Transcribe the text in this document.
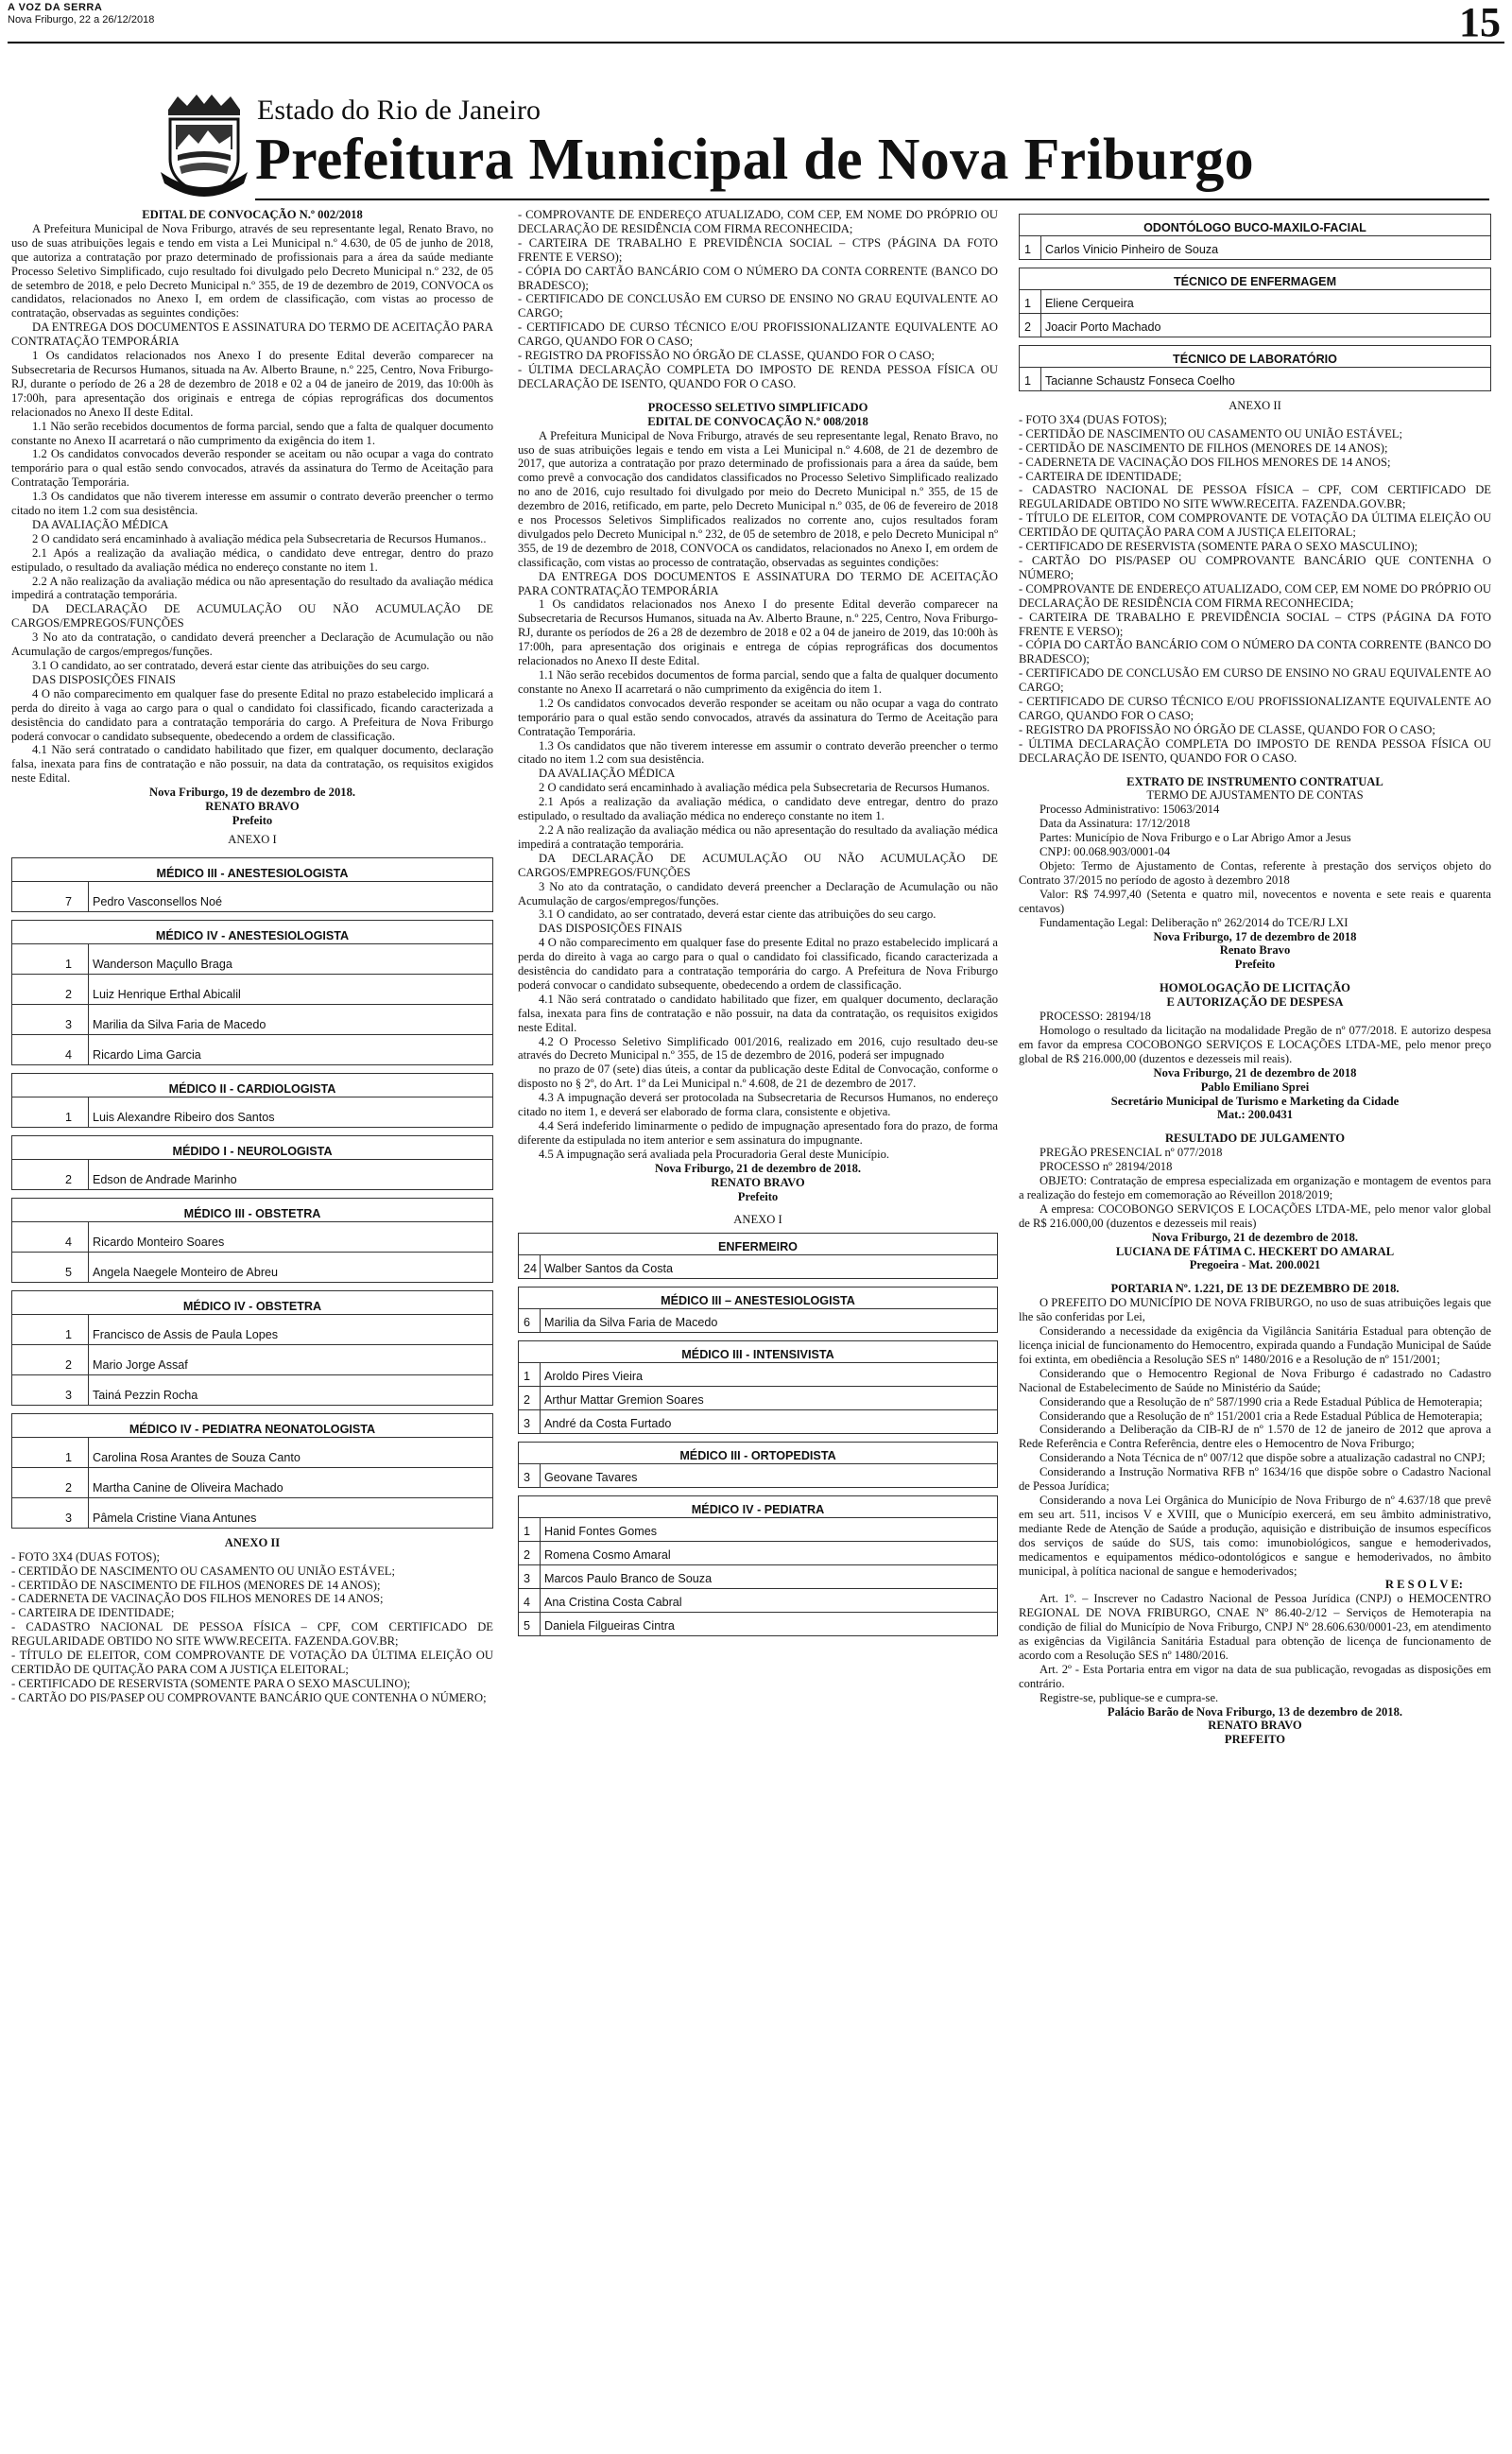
A VOZ DA SERRA
Nova Friburgo, 22 a 26/12/2018	15
Estado do Rio de Janeiro
Prefeitura Municipal de Nova Friburgo
EDITAL DE CONVOCAÇÃO N.º 002/2018

A Prefeitura Municipal de Nova Friburgo, através de seu representante legal, Renato Bravo, no uso de suas atribuições legais e tendo em vista a Lei Municipal n.º 4.630, de 05 de junho de 2018, que autoriza a contratação por prazo determinado de profissionais para a área da saúde mediante Processo Seletivo Simplificado, cujo resultado foi divulgado pelo Decreto Municipal n.º 232, de 05 de setembro de 2018, e pelo Decreto Municipal n.º 355, de 19 de dezembro de 2019, CONVOCA os candidatos, relacionados no Anexo I, em ordem de classificação, com vistas ao processo de contratação, observadas as seguintes condições:

DA ENTREGA DOS DOCUMENTOS E ASSINATURA DO TERMO DE ACEITAÇÃO PARA CONTRATAÇÃO TEMPORÁRIA

1 Os candidatos relacionados nos Anexo I do presente Edital deverão comparecer na Subsecretaria de Recursos Humanos, situada na Av. Alberto Braune, n.º 225, Centro, Nova Friburgo-RJ, durante o período de 26 a 28 de dezembro de 2018 e 02 a 04 de janeiro de 2019, das 10:00h às 17:00h, para apresentação dos originais e entrega de cópias reprográficas dos documentos relacionados no Anexo II deste Edital.

1.1 Não serão recebidos documentos de forma parcial, sendo que a falta de qualquer documento constante no Anexo II acarretará o não cumprimento da exigência do item 1.

1.2 Os candidatos convocados deverão responder se aceitam ou não ocupar a vaga do contrato temporário para o qual estão sendo convocados, através da assinatura do Termo de Aceitação para Contratação Temporária.

1.3 Os candidatos que não tiverem interesse em assumir o contrato deverão preencher o termo citado no item 1.2 com sua desistência.

DA AVALIAÇÃO MÉDICA

2 O candidato será encaminhado à avaliação médica pela Subsecretaria de Recursos Humanos..

2.1 Após a realização da avaliação médica, o candidato deve entregar, dentro do prazo estipulado, o resultado da avaliação médica no endereço constante no item 1.

2.2 A não realização da avaliação médica ou não apresentação do resultado da avaliação médica impedirá a contratação temporária.

DA DECLARAÇÃO DE ACUMULAÇÃO OU NÃO ACUMULAÇÃO DE CARGOS/EMPREGOS/FUNÇÕES

3 No ato da contratação, o candidato deverá preencher a Declaração de Acumulação ou não Acumulação de cargos/empregos/funções.

3.1 O candidato, ao ser contratado, deverá estar ciente das atribuições do seu cargo.

DAS DISPOSIÇÕES FINAIS

4 O não comparecimento em qualquer fase do presente Edital no prazo estabelecido implicará a perda do direito à vaga ao cargo para o qual o candidato foi classificado, ficando caracterizada a desistência do candidato para a contratação temporária do cargo. A Prefeitura de Nova Friburgo poderá convocar o candidato subsequente, obedecendo a ordem de classificação.

4.1 Não será contratado o candidato habilitado que fizer, em qualquer documento, declaração falsa, inexata para fins de contratação e não possuir, na data da contratação, os requisitos exigidos neste Edital.

Nova Friburgo, 19 de dezembro de 2018.
RENATO BRAVO
Prefeito
ANEXO I
MÉDICO III - ANESTESIOLOGISTA
7	Pedro Vasconsellos Noé
MÉDICO IV - ANESTESIOLOGISTA
1	Wanderson Maçullo Braga
2	Luiz Henrique Erthal Abicalil
3	Marilia da Silva Faria de Macedo
4	Ricardo Lima Garcia
MÉDICO II - CARDIOLOGISTA
1	Luis Alexandre Ribeiro dos Santos
MÉDIDO I - NEUROLOGISTA
2	Edson de Andrade Marinho
MÉDICO III - OBSTETRA
4	Ricardo Monteiro Soares
5	Angela Naegele Monteiro de Abreu
MÉDICO IV - OBSTETRA
1	Francisco de Assis de Paula Lopes
2	Mario Jorge Assaf
3	Tainá Pezzin Rocha
MÉDICO IV - PEDIATRA NEONATOLOGISTA
1	Carolina Rosa Arantes de Souza Canto
2	Martha Canine de Oliveira Machado
3	Pâmela Cristine Viana Antunes
ANEXO II

- FOTO 3X4 (DUAS FOTOS);

- CERTIDÃO DE NASCIMENTO OU CASAMENTO OU UNIÃO ESTÁVEL;

- CERTIDÃO DE NASCIMENTO DE FILHOS (MENORES DE 14 ANOS);

- CADERNETA DE VACINAÇÃO DOS FILHOS MENORES DE 14 ANOS;

- CARTEIRA DE IDENTIDADE;

- CADASTRO NACIONAL DE PESSOA FÍSICA – CPF, COM CERTIFICADO DE REGULARIDADE OBTIDO NO SITE WWW.RECEITA. FAZENDA.GOV.BR;

- TÍTULO DE ELEITOR, COM COMPROVANTE DE VOTAÇÃO DA ÚLTIMA ELEIÇÃO OU CERTIDÃO DE QUITAÇÃO PARA COM A JUSTIÇA ELEITORAL;

- CERTIFICADO DE RESERVISTA (SOMENTE PARA O SEXO MASCULINO);

- CARTÃO DO PIS/PASEP OU COMPROVANTE BANCÁRIO QUE CONTENHA O NÚMERO;

- COMPROVANTE DE ENDEREÇO ATUALIZADO, COM CEP, EM NOME DO PRÓPRIO OU DECLARAÇÃO DE RESIDÊNCIA COM FIRMA RECONHECIDA;

- CARTEIRA DE TRABALHO E PREVIDÊNCIA SOCIAL – CTPS (PÁGINA DA FOTO FRENTE E VERSO);

- CÓPIA DO CARTÃO BANCÁRIO COM O NÚMERO DA CONTA CORRENTE (BANCO DO BRADESCO);

- CERTIFICADO DE CONCLUSÃO EM CURSO DE ENSINO NO GRAU EQUIVALENTE AO CARGO;

- CERTIFICADO DE CURSO TÉCNICO E/OU PROFISSIONALIZANTE EQUIVALENTE AO CARGO, QUANDO FOR O CASO;

- REGISTRO DA PROFISSÃO NO ÓRGÃO DE CLASSE, QUANDO FOR O CASO;

- ÚLTIMA DECLARAÇÃO COMPLETA DO IMPOSTO DE RENDA PESSOA FÍSICA OU DECLARAÇÃO DE ISENTO, QUANDO FOR O CASO.

PROCESSO SELETIVO SIMPLIFICADO
EDITAL DE CONVOCAÇÃO N.º 008/2018

A Prefeitura Municipal de Nova Friburgo, através de seu representante legal, Renato Bravo, no uso de suas atribuições legais e tendo em vista a Lei Municipal n.º 4.608, de 21 de dezembro de 2017, que autoriza a contratação por prazo determinado de profissionais para a área da saúde, bem como prevê a convocação dos candidatos classificados no Processo Seletivo Simplificado realizado no ano de 2016, cujo resultado foi divulgado por meio do Decreto Municipal n.º 355, de 15 de dezembro de 2016, retificado, em parte, pelo Decreto Municipal n.º 035, de 06 de fevereiro de 2018 e nos Processos Seletivos Simplificados realizados no corrente ano, cujos resultados foram divulgados pelo Decreto Municipal n.º 232, de 05 de setembro de 2018, e pelo Decreto Municipal nº 355, de 19 de dezembro de 2018, CONVOCA os candidatos, relacionados no Anexo I, em ordem de classificação, com vistas ao processo de contratação, observadas as seguintes condições:

DA ENTREGA DOS DOCUMENTOS E ASSINATURA DO TERMO DE ACEITAÇÃO PARA CONTRATAÇÃO TEMPORÁRIA

1 Os candidatos relacionados nos Anexo I do presente Edital deverão comparecer na Subsecretaria de Recursos Humanos, situada na Av. Alberto Braune, n.º 225, Centro, Nova Friburgo-RJ, durante os períodos de 26 a 28 de dezembro de 2018 e 02 a 04 de janeiro de 2019, das 10:00h às 17:00h, para apresentação dos originais e entrega de cópias reprográficas dos documentos relacionados no Anexo II deste Edital.

1.1 Não serão recebidos documentos de forma parcial, sendo que a falta de qualquer documento constante no Anexo II acarretará o não cumprimento da exigência do item 1.

1.2 Os candidatos convocados deverão responder se aceitam ou não ocupar a vaga do contrato temporário para o qual estão sendo convocados, através da assinatura do Termo de Aceitação para Contratação Temporária.

1.3 Os candidatos que não tiverem interesse em assumir o contrato deverão preencher o termo citado no item 1.2 com sua desistência.

DA AVALIAÇÃO MÉDICA

2 O candidato será encaminhado à avaliação médica pela Subsecretaria de Recursos Humanos.

2.1 Após a realização da avaliação médica, o candidato deve entregar, dentro do prazo estipulado, o resultado da avaliação médica no endereço constante no item 1.

2.2 A não realização da avaliação médica ou não apresentação do resultado da avaliação médica impedirá a contratação temporária.

DA DECLARAÇÃO DE ACUMULAÇÃO OU NÃO ACUMULAÇÃO DE CARGOS/EMPREGOS/FUNÇÕES

3 No ato da contratação, o candidato deverá preencher a Declaração de Acumulação ou não Acumulação de cargos/empregos/funções.

3.1 O candidato, ao ser contratado, deverá estar ciente das atribuições do seu cargo.

DAS DISPOSIÇÕES FINAIS

4 O não comparecimento em qualquer fase do presente Edital no prazo estabelecido implicará a perda do direito à vaga ao cargo para o qual o candidato foi classificado, ficando caracterizada a desistência do candidato para a contratação temporária do cargo. A Prefeitura de Nova Friburgo poderá convocar o candidato subsequente, obedecendo a ordem de classificação.

4.1 Não será contratado o candidato habilitado que fizer, em qualquer documento, declaração falsa, inexata para fins de contratação e não possuir, na data da contratação, os requisitos exigidos neste Edital.

4.2 O Processo Seletivo Simplificado 001/2016, realizado em 2016, cujo resultado deu-se através do Decreto Municipal n.º 355, de 15 de dezembro de 2016, poderá ser impugnado

no prazo de 07 (sete) dias úteis, a contar da publicação deste Edital de Convocação, conforme o disposto no § 2º, do Art. 1º da Lei Municipal n.º 4.608, de 21 de dezembro de 2017.

4.3 A impugnação deverá ser protocolada na Subsecretaria de Recursos Humanos, no endereço citado no item 1, e deverá ser elaborado de forma clara, consistente e objetiva.

4.4 Será indeferido liminarmente o pedido de impugnação apresentado fora do prazo, de forma diferente da estipulada no item anterior e sem assinatura do impugnante.

4.5 A impugnação será avaliada pela Procuradoria Geral deste Município.

Nova Friburgo, 21 de dezembro de 2018.
RENATO BRAVO
Prefeito
ANEXO I
ENFERMEIRO
24 Walber Santos da Costa
MÉDICO III – ANESTESIOLOGISTA
6	Marilia da Silva Faria de Macedo
MÉDICO III - INTENSIVISTA
1	Aroldo Pires Vieira
2	Arthur Mattar Gremion Soares
3	André da Costa Furtado
MÉDICO III - ORTOPEDISTA
3	Geovane Tavares
MÉDICO IV - PEDIATRA
1	Hanid Fontes Gomes
2	Romena Cosmo Amaral
3	Marcos Paulo Branco de Souza
4	Ana Cristina Costa Cabral
5	Daniela Filgueiras Cintra
ODONTÓLOGO BUCO-MAXILO-FACIAL
1	Carlos Vinicio Pinheiro de Souza
TÉCNICO DE ENFERMAGEM
1	Eliene Cerqueira
2	Joacir Porto Machado
TÉCNICO DE LABORATÓRIO
1	Tacianne Schaustz Fonseca Coelho
ANEXO II

- FOTO 3X4 (DUAS FOTOS);

- CERTIDÃO DE NASCIMENTO OU CASAMENTO OU UNIÃO ESTÁVEL;

- CERTIDÃO DE NASCIMENTO DE FILHOS (MENORES DE 14 ANOS);

- CADERNETA DE VACINAÇÃO DOS FILHOS MENORES DE 14 ANOS;

- CARTEIRA DE IDENTIDADE;

- CADASTRO NACIONAL DE PESSOA FÍSICA – CPF, COM CERTIFICADO DE REGULARIDADE OBTIDO NO SITE WWW.RECEITA. FAZENDA.GOV.BR;

- TÍTULO DE ELEITOR, COM COMPROVANTE DE VOTAÇÃO DA ÚLTIMA ELEIÇÃO OU CERTIDÃO DE QUITAÇÃO PARA COM A JUSTIÇA ELEITORAL;

- CERTIFICADO DE RESERVISTA (SOMENTE PARA O SEXO MASCULINO);

- CARTÃO DO PIS/PASEP OU COMPROVANTE BANCÁRIO QUE CONTENHA O NÚMERO;

- COMPROVANTE DE ENDEREÇO ATUALIZADO, COM CEP, EM NOME DO PRÓPRIO OU DECLARAÇÃO DE RESIDÊNCIA COM FIRMA RECONHECIDA;

- CARTEIRA DE TRABALHO E PREVIDÊNCIA SOCIAL – CTPS (PÁGINA DA FOTO FRENTE E VERSO);

- CÓPIA DO CARTÃO BANCÁRIO COM O NÚMERO DA CONTA CORRENTE (BANCO DO BRADESCO);

- CERTIFICADO DE CONCLUSÃO EM CURSO DE ENSINO NO GRAU EQUIVALENTE AO CARGO;

- CERTIFICADO DE CURSO TÉCNICO E/OU PROFISSIONALIZANTE EQUIVALENTE AO CARGO, QUANDO FOR O CASO;

- REGISTRO DA PROFISSÃO NO ÓRGÃO DE CLASSE, QUANDO FOR O CASO;

- ÚLTIMA DECLARAÇÃO COMPLETA DO IMPOSTO DE RENDA PESSOA FÍSICA OU DECLARAÇÃO DE ISENTO, QUANDO FOR O CASO.

EXTRATO DE INSTRUMENTO CONTRATUAL
TERMO DE AJUSTAMENTO DE CONTAS

Processo Administrativo: 15063/2014

Data da Assinatura: 17/12/2018

Partes: Município de Nova Friburgo e o Lar Abrigo Amor a Jesus

CNPJ: 00.068.903/0001-04

Objeto: Termo de Ajustamento de Contas, referente à prestação dos serviços objeto do Contrato 37/2015 no período de agosto à dezembro 2018

Valor: R$ 74.997,40 (Setenta e quatro mil, novecentos e noventa e sete reais e quarenta centavos)

Fundamentação Legal: Deliberação nº 262/2014 do TCE/RJ LXI

Nova Friburgo, 17 de dezembro de 2018
Renato Bravo
Prefeito
HOMOLOGAÇÃO DE LICITAÇÃO
E AUTORIZAÇÃO DE DESPESA

PROCESSO: 28194/18

Homologo o resultado da licitação na modalidade Pregão de nº 077/2018. E autorizo despesa em favor da empresa COCOBONGO SERVIÇOS E LOCAÇÕES LTDA-ME, pelo menor preço global de R$ 216.000,00 (duzentos e dezesseis mil reais).

Nova Friburgo, 21 de dezembro de 2018
Pablo Emiliano Sprei
Secretário Municipal de Turismo e Marketing da Cidade
Mat.: 200.0431
RESULTADO DE JULGAMENTO

PREGÃO PRESENCIAL nº 077/2018

PROCESSO nº 28194/2018

OBJETO: Contratação de empresa especializada em organização e montagem de eventos para a realização do festejo em comemoração ao Réveillon 2018/2019;

A empresa: COCOBONGO SERVIÇOS E LOCAÇÕES LTDA-ME, pelo menor valor global de R$ 216.000,00 (duzentos e dezesseis mil reais)

Nova Friburgo, 21 de dezembro de 2018.
LUCIANA DE FÁTIMA C. HECKERT DO AMARAL
Pregoeira - Mat. 200.0021
PORTARIA Nº. 1.221, DE 13 DE DEZEMBRO DE 2018.

O PREFEITO DO MUNICÍPIO DE NOVA FRIBURGO, no uso de suas atribuições legais que lhe são conferidas por Lei,

Considerando a necessidade da exigência da Vigilância Sanitária Estadual para obtenção de licença inicial de funcionamento do Hemocentro, expirada quando a Fundação Municipal de Saúde foi extinta, em obediência a Resolução SES nº 1480/2016 e a Resolução de nº 151/2001;

Considerando que o Hemocentro Regional de Nova Friburgo é cadastrado no Cadastro Nacional de Estabelecimento de Saúde no Ministério da Saúde;

Considerando que a Resolução de nº 587/1990 cria a Rede Estadual Pública de Hemoterapia;

Considerando que a Resolução de nº 151/2001 cria a Rede Estadual Pública de Hemoterapia;

Considerando a Deliberação da CIB-RJ de nº 1.570 de 12 de janeiro de 2012 que aprova a Rede Referência e Contra Referência, dentre eles o Hemocentro de Nova Friburgo;

Considerando a Nota Técnica de nº 007/12 que dispõe sobre a atualização cadastral no CNPJ;

Considerando a Instrução Normativa RFB nº 1634/16 que dispõe sobre o Cadastro Nacional de Pessoa Jurídica;

Considerando a nova Lei Orgânica do Município de Nova Friburgo de nº 4.637/18 que prevê em seu art. 511, incisos V e XVIII, que o Município exercerá, em seu âmbito administrativo, mediante Rede de Atenção de Saúde a produção, aquisição e distribuição de insumos específicos dos serviços de saúde do SUS, tais como: imunobiológicos, sangue e hemoderivados, medicamentos e equipamentos médico-odontológicos e sangue e hemoderivados, no âmbito municipal, à política nacional de sangue e hemoderivados;

R E S O L V E:

Art. 1º. – Inscrever no Cadastro Nacional de Pessoa Jurídica (CNPJ) o HEMOCENTRO REGIONAL DE NOVA FRIBURGO, CNAE Nº 86.40-2/12 – Serviços de Hemoterapia na condição de filial do Município de Nova Friburgo, CNPJ Nº 28.606.630/0001-23, em atendimento as exigências da Vigilância Sanitária Estadual para obtenção de licença de funcionamento de acordo com a Resolução SES nº 1480/2016.

Art. 2º - Esta Portaria entra em vigor na data de sua publicação, revogadas as disposições em contrário.

Registre-se, publique-se e cumpra-se.

Palácio Barão de Nova Friburgo, 13 de dezembro de 2018.
RENATO BRAVO
PREFEITO
